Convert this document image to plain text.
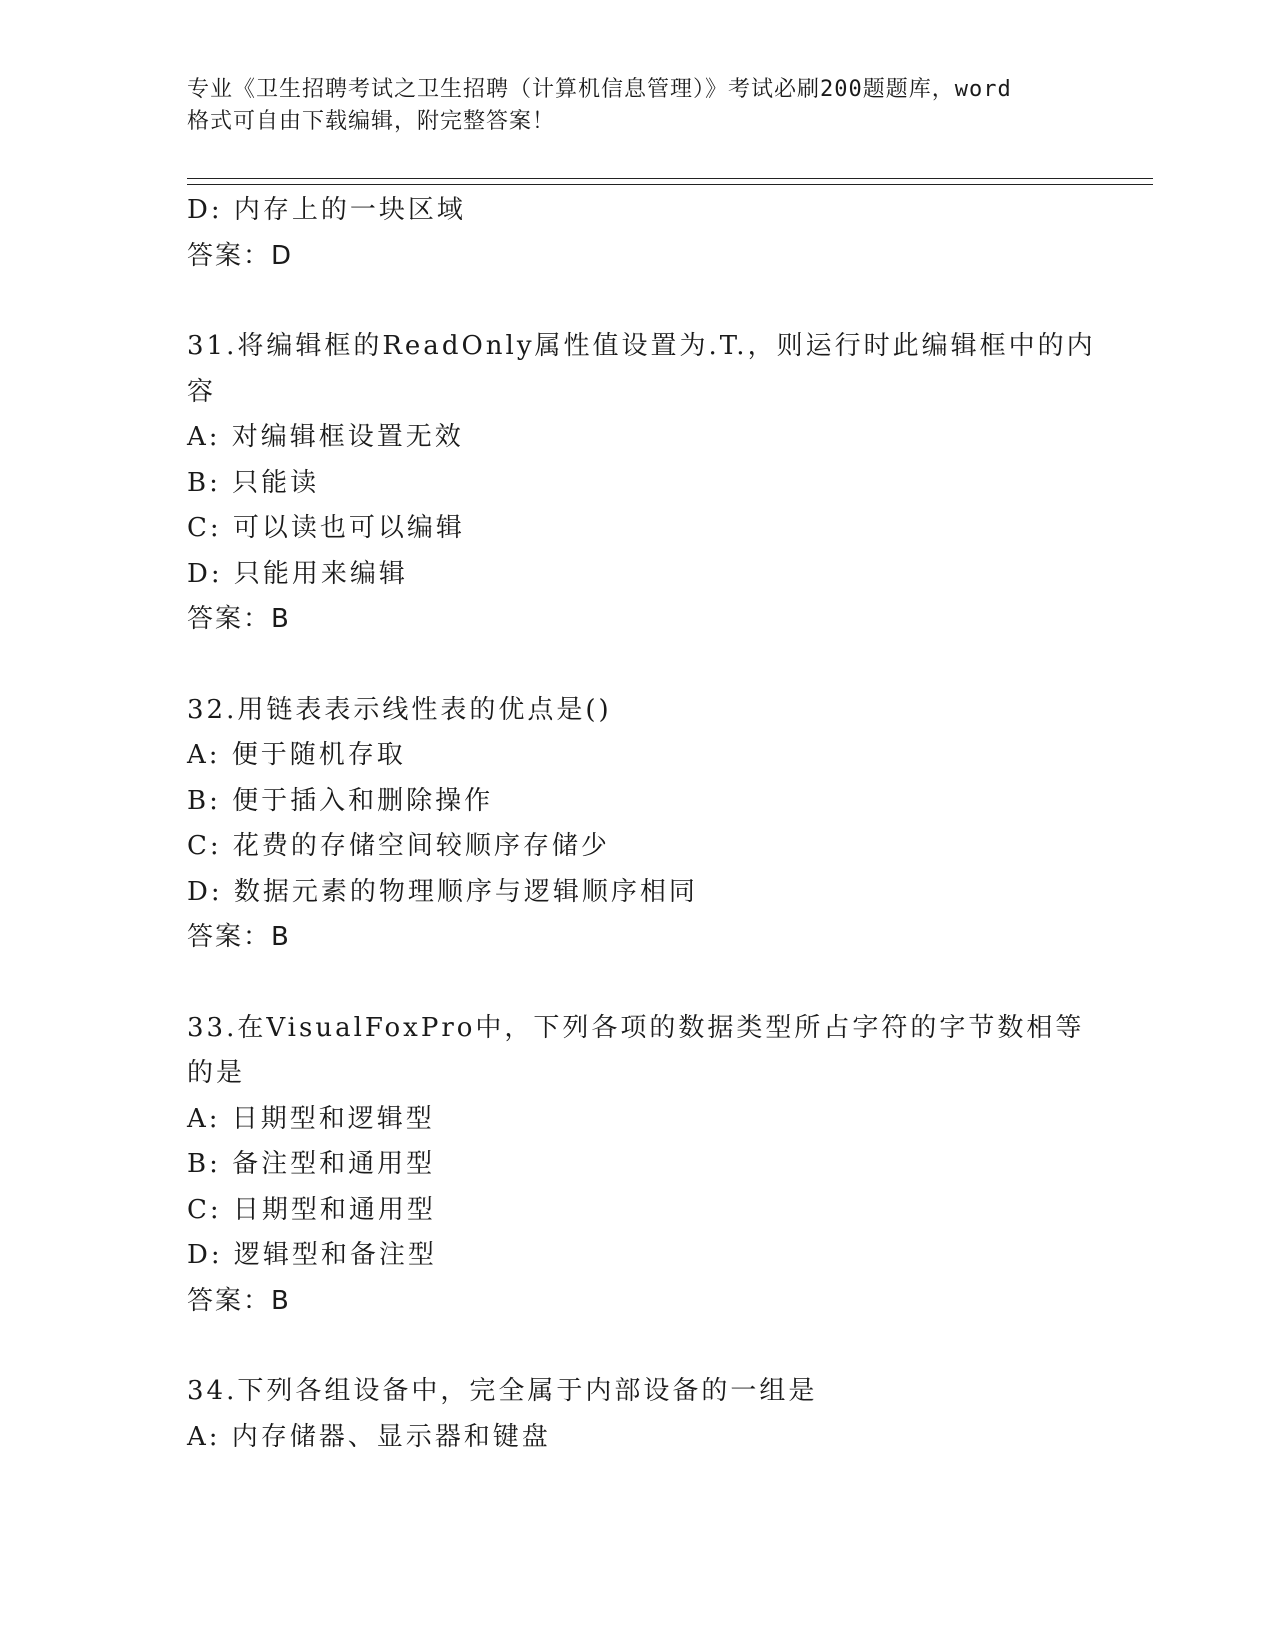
专业《卫生招聘考试之卫生招聘（计算机信息管理）》考试必刷200题题库，word
格式可自由下载编辑，附完整答案！
D: 内存上的一块区域
答案：D
31.将编辑框的ReadOnly属性值设置为.T.，则运行时此编辑框中的内
容
A: 对编辑框设置无效
B: 只能读
C: 可以读也可以编辑
D: 只能用来编辑
答案：B
32.用链表表示线性表的优点是()
A: 便于随机存取
B: 便于插入和删除操作
C: 花费的存储空间较顺序存储少
D: 数据元素的物理顺序与逻辑顺序相同
答案：B
33.在VisualFoxPro中，下列各项的数据类型所占字符的字节数相等
的是
A: 日期型和逻辑型
B: 备注型和通用型
C: 日期型和通用型
D: 逻辑型和备注型
答案：B
34.下列各组设备中，完全属于内部设备的一组是
A: 内存储器、显示器和键盘
